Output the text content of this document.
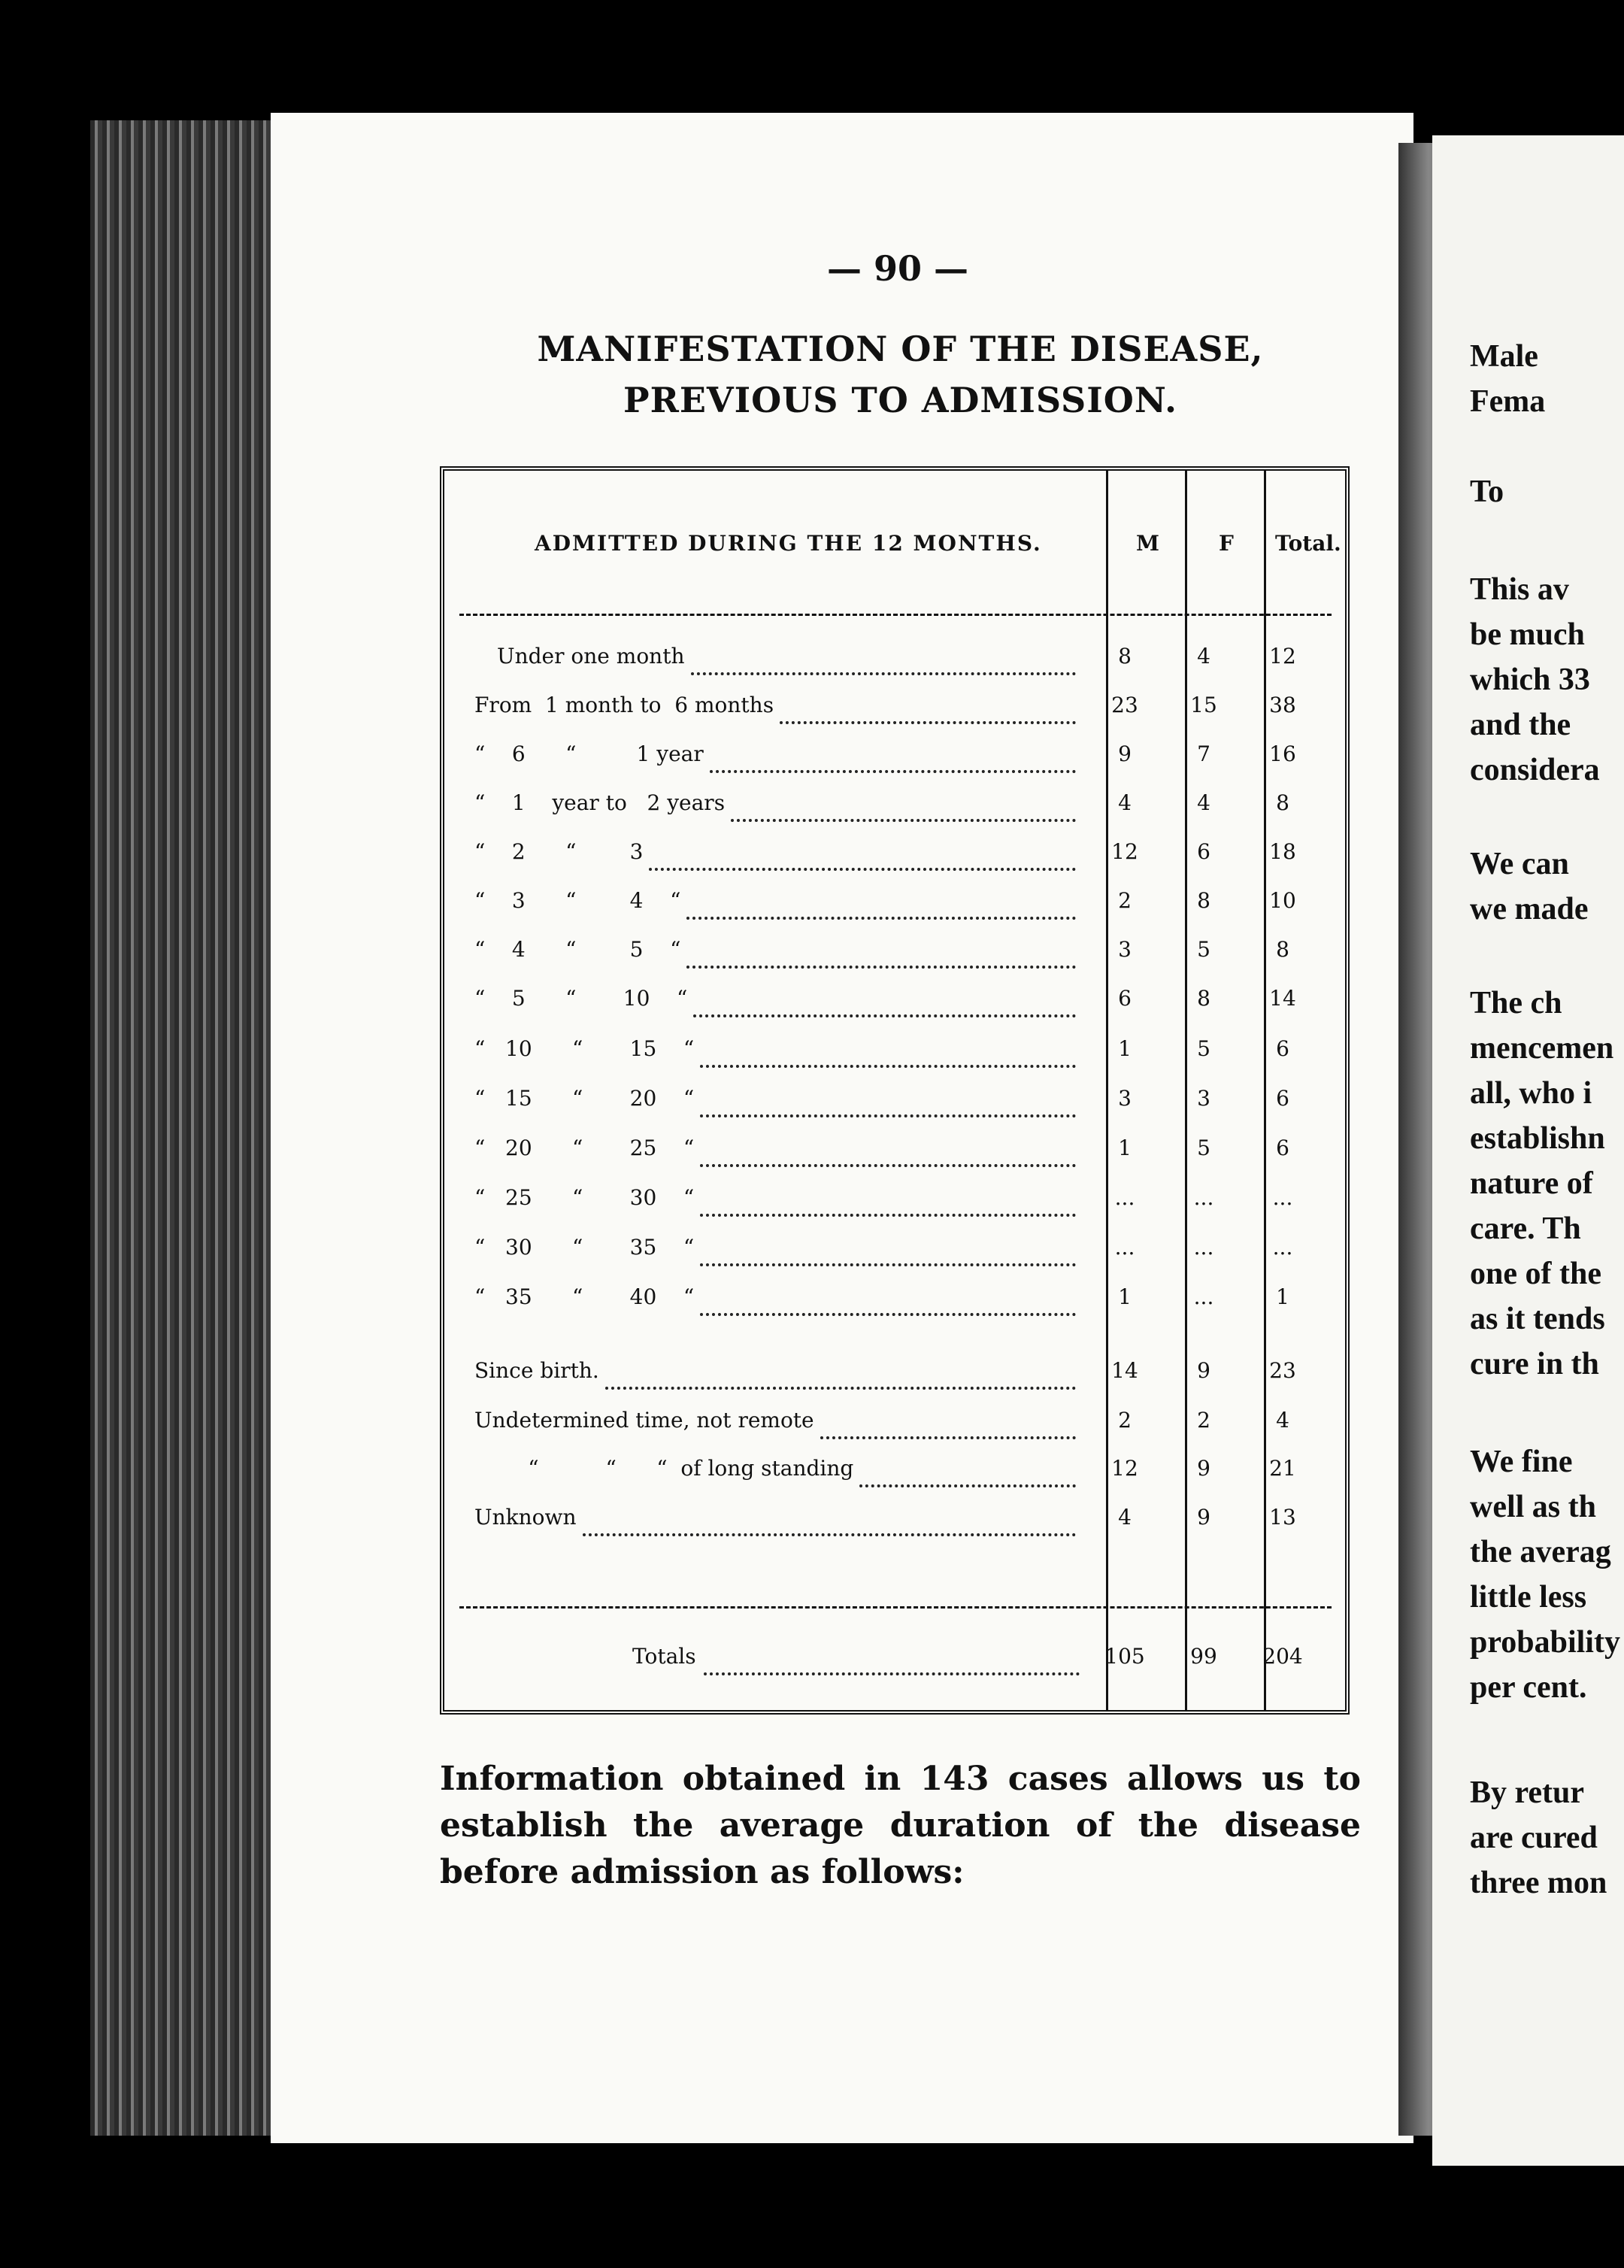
Male
Fema
To
This av
be much
which 33
and the
considera
We can
we made
The ch
mencemen
all, who i
establishn
nature of
care. Th
one of the
as it tends
cure in th
We fine
well as th
the averag
little less
probability
per cent.
By retur
are cured
three mon
— 90 —
MANIFESTATION OF THE DISEASE, PREVIOUS TO ADMISSION.
ADMITTED DURING THE 12 MONTHS.	M	F Total.
Under one month	8	4	12
From  1 month to  6 months	23	15	38
“    6      “         1 year	9	7	16
“    1    year to   2 years	4	4	8
“    2      “        3	12	6	18
“    3      “        4    “	2	8	10
“    4      “        5    “	3	5	8
“    5      “       10    “	6	8	14
“   10      “       15    “	1	5	6
“   15      “       20    “	3	3	6
“   20      “       25    “	1	5	6
“   25      “       30    “	...	...	...
“   30      “       35    “	...	...	...
“   35      “       40    “	1	...	1
Since birth.	14	9	23
Undetermined time, not remote	2	2	4
“          “      “  of long standing	12	9	21
Unknown	4	9	13
Totals	105	99	204
Information obtained in 143 cases allows us to establish the average duration of the disease before admission as follows:
